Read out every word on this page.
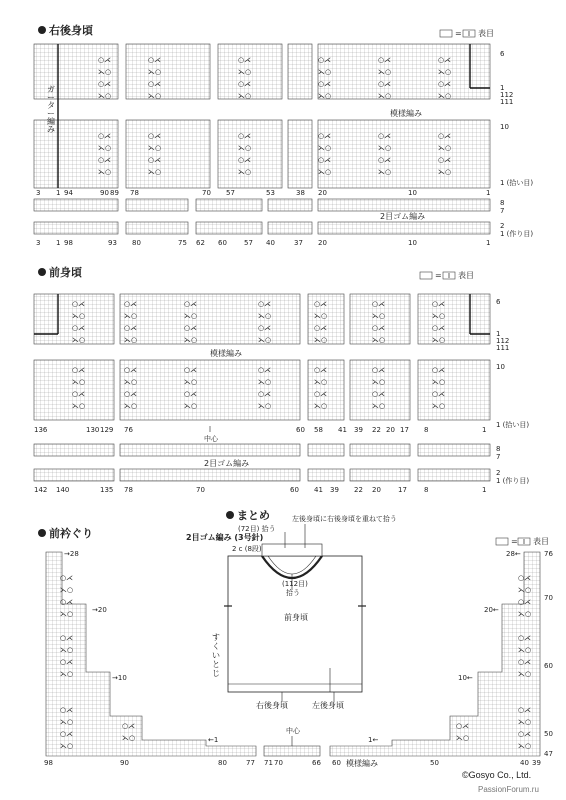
右後身頃	= 表目
○⋌
⋋○
○⋌
⋋○
○⋌
⋋○
○⋌
⋋○
○⋌
⋋○
○⋌
⋋○
○⋌
⋋○
○⋌
⋋○
○⋌
⋋○
○⋌
⋋○
○⋌
⋋○
○⋌
⋋○
○⋌
⋋○
○⋌
⋋○
○⋌
⋋○
○⋌
⋋○
○⋌
⋋○
○⋌
⋋○
○⋌
⋋○
○⋌
⋋○
○⋌
⋋○
○⋌
⋋○
○⋌
⋋○
○⋌
⋋○
ガーター編み
模様編み
6
1
112
111
10
1 (拾い目)
3 1 94	90 89 78	70 57	53	38 20	10	1
2目ゴム編み
8
7
2
1 (作り目)
3 1 98	93 80	75 62 60 57 40	37 20	10	1
前身頃	= 表目
○⋌
⋋○
○⋌
⋋○
○⋌
⋋○
○⋌
⋋○
○⋌
⋋○
○⋌
⋋○
○⋌
⋋○
○⋌
⋋○
○⋌
⋋○
○⋌
⋋○
○⋌
⋋○
○⋌
⋋○
○⋌
⋋○
○⋌
⋋○
○⋌
⋋○
○⋌
⋋○
○⋌
⋋○
○⋌
⋋○
○⋌
⋋○
○⋌
⋋○
○⋌
⋋○
○⋌
⋋○
○⋌
⋋○
○⋌
⋋○
○⋌
⋋○
○⋌
⋋○
○⋌
⋋○
○⋌
⋋○
模様編み
6
1
112
111
10
1 (拾い目)
136	130 129 76	60 58 41 39 22 20 17 8	1
中心
2目ゴム編み
8
7
2
1 (作り目)
142 140	135 78	70	60 41 39 22 20 17 8	1
前衿ぐり
= 表目
○⋌
⋋○
○⋌
⋋○
○⋌
⋋○
○⋌
⋋○
○⋌
⋋○
○⋌
⋋○
○⋌
⋋○
○⋌
⋋○
○⋌
⋋○
○⋌
⋋○
○⋌
⋋○
○⋌
⋋○
○⋌
⋋○
○⋌
⋋○
→28
→20
→10
←1
28←
20←
10←
1←
76
70
60
50
47
中心
模様編み
98	90	80	77 71 70	66 60	50	40 39
まとめ
(72目) 拾う
左後身頃に右後身頃を重ねて拾う
2目ゴム編み (3号針)
2 c (8段)
(112目)
拾う
前身頃
すくいとじ
右後身頃	左後身頃
©Gosyo Co., Ltd.
PassionForum.ru
